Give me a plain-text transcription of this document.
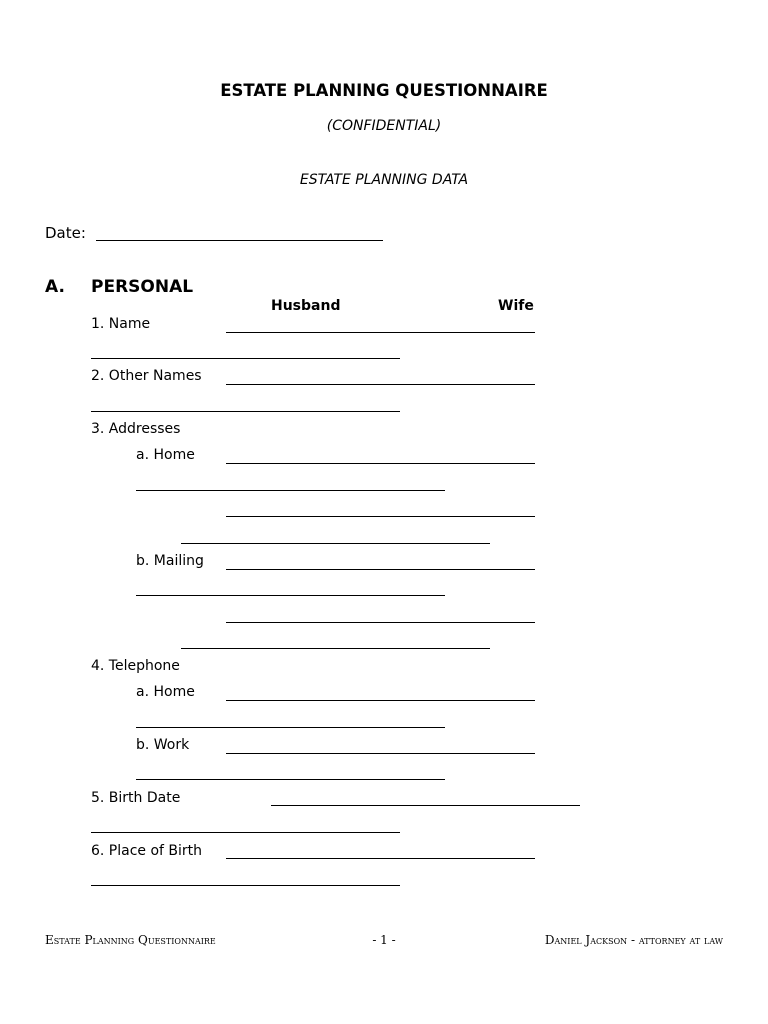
ESTATE PLANNING QUESTIONNAIRE
(CONFIDENTIAL)
ESTATE PLANNING DATA
Date:
A. PERSONAL
Husband	Wife
1. Name
2. Other Names
3. Addresses
a. Home
b. Mailing
4. Telephone
a. Home
b. Work
5. Birth Date
6. Place of Birth
Estate Planning Questionnaire	- 1 -	Daniel Jackson - attorney at law
